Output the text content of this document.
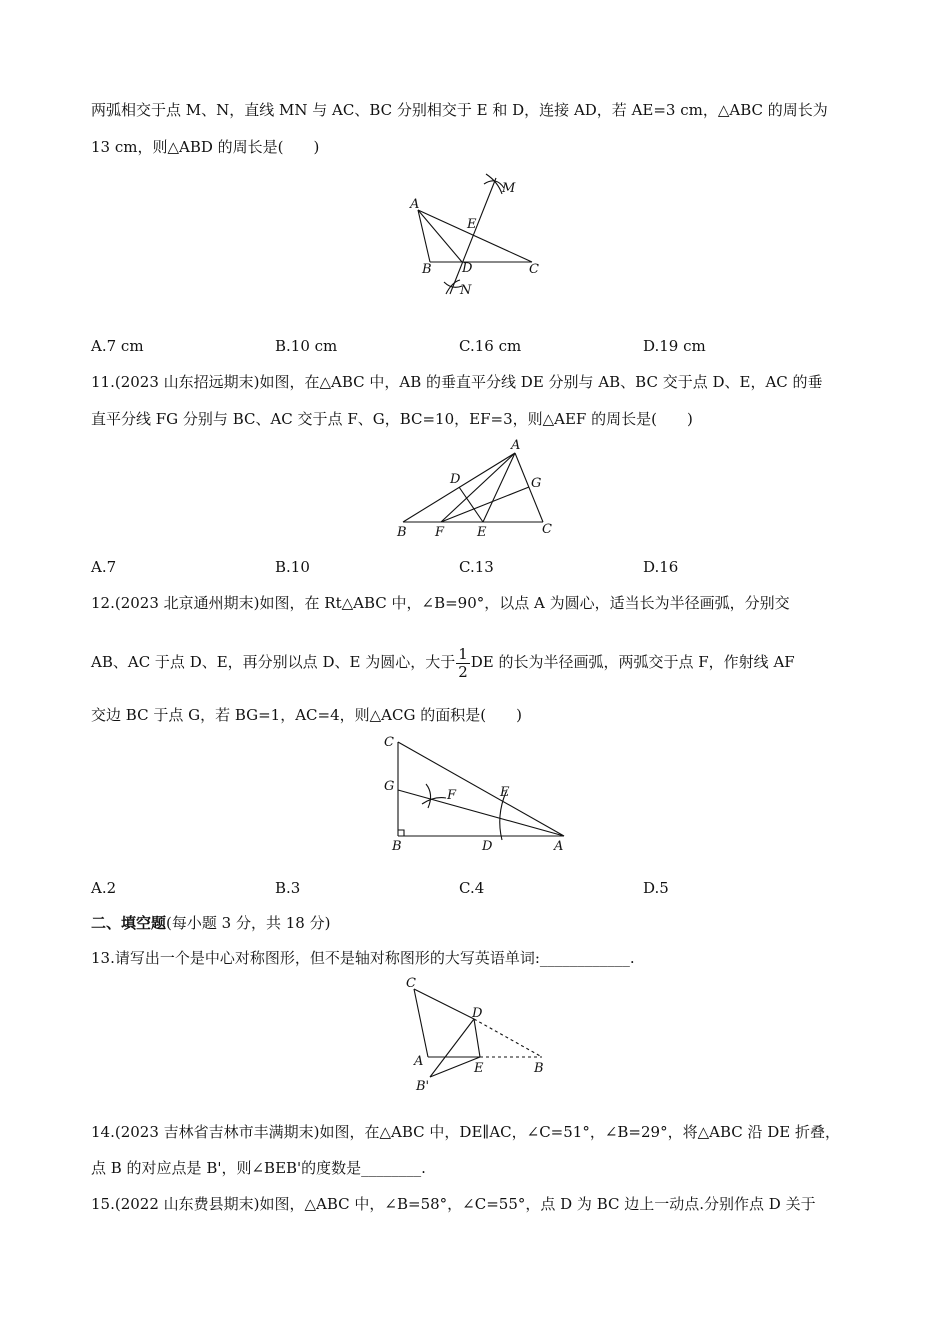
两弧相交于点 M、N，直线 MN 与 AC、BC 分别相交于 E 和 D，连接 AD，若 AE=3 cm，△ABC 的周长为
13 cm，则△ABD 的周长是(　　)
A
B	C
D
E
M
N
A.7 cm	B.10 cm	C.16 cm	D.19 cm
11.(2023 山东招远期末)如图，在△ABC 中，AB 的垂直平分线 DE 分别与 AB、BC 交于点 D、E，AC 的垂
直平分线 FG 分别与 BC、AC 交于点 F、G，BC=10，EF=3，则△AEF 的周长是(　　)
A
B	C
D
E
F
G
A.7	B.10	C.13	D.16
12.(2023 北京通州期末)如图，在 Rt△ABC 中，∠B=90°，以点 A 为圆心，适当长为半径画弧，分别交
AB、AC 于点 D、E，再分别以点 D、E 为圆心，大于 $\frac{1}{2}$ DE 的长为半径画弧，两弧交于点 F，作射线 AF
交边 BC 于点 G，若 BG=1，AC=4，则△ACG 的面积是(　　)
C
G
F	E
B	D	A
A.2	B.3	C.4	D.5
二、填空题(每小题 3 分，共 18 分)
13.请写出一个是中心对称图形，但不是轴对称图形的大写英语单词:____________.
C
D
A	E	B
B'
14.(2023 吉林省吉林市丰满期末)如图，在△ABC 中，DE∥AC，∠C=51°，∠B=29°，将△ABC 沿 DE 折叠，
点 B 的对应点是 B'，则∠BEB'的度数是________.
15.(2022 山东费县期末)如图，△ABC 中，∠B=58°，∠C=55°，点 D 为 BC 边上一动点.分别作点 D 关于
